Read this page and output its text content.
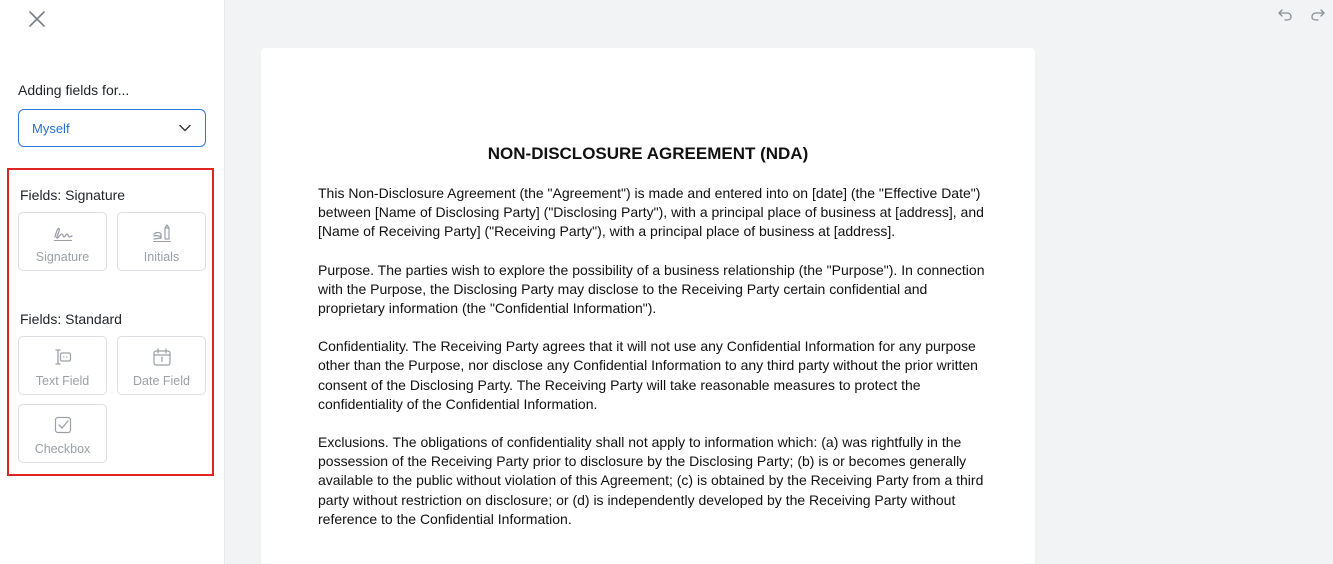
Adding fields for...
Myself
Fields: Signature
Signature	Initials
Fields: Standard
Text Field	Date Field
Checkbox
NON-DISCLOSURE AGREEMENT (NDA)

This Non-Disclosure Agreement (the "Agreement") is made and entered into on [date] (the "Effective Date") between [Name of Disclosing Party] ("Disclosing Party"), with a principal place of business at [address], and [Name of Receiving Party] ("Receiving Party"), with a principal place of business at [address].

Purpose. The parties wish to explore the possibility of a business relationship (the "Purpose"). In connection with the Purpose, the Disclosing Party may disclose to the Receiving Party certain confidential and proprietary information (the "Confidential Information").

Confidentiality. The Receiving Party agrees that it will not use any Confidential Information for any purpose other than the Purpose, nor disclose any Confidential Information to any third party without the prior written consent of the Disclosing Party. The Receiving Party will take reasonable measures to protect the confidentiality of the Confidential Information.

Exclusions. The obligations of confidentiality shall not apply to information which: (a) was rightfully in the possession of the Receiving Party prior to disclosure by the Disclosing Party; (b) is or becomes generally available to the public without violation of this Agreement; (c) is obtained by the Receiving Party from a third party without restriction on disclosure; or (d) is independently developed by the Receiving Party without reference to the Confidential Information.
